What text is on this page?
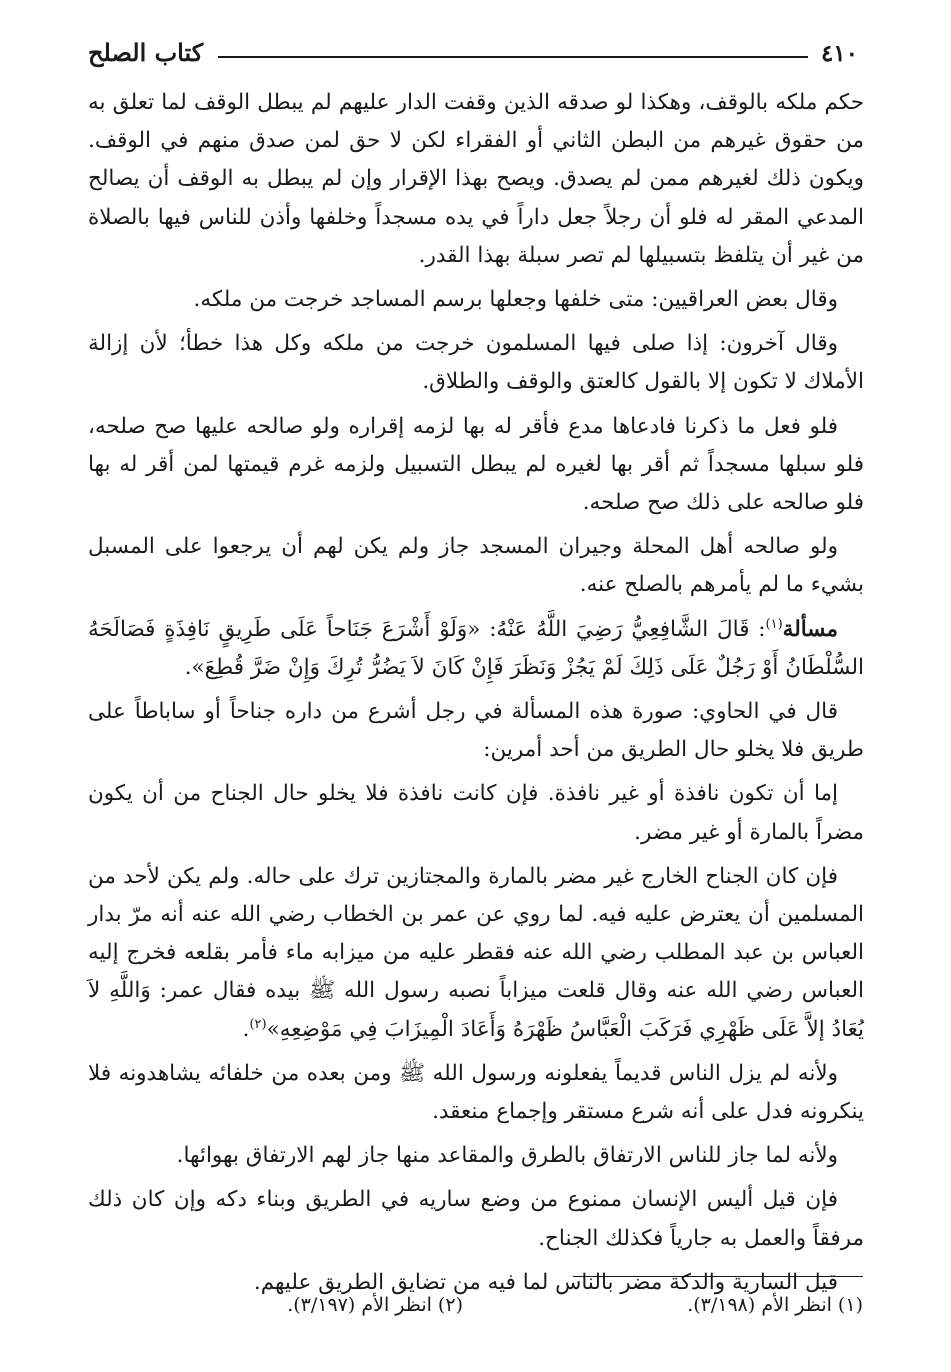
٤١٠
كتاب الصلح

حكم ملكه بالوقف، وهكذا لو صدقه الذين وقفت الدار عليهم لم يبطل الوقف لما تعلق به من حقوق غيرهم من البطن الثاني أو الفقراء لكن لا حق لمن صدق منهم في الوقف. ويكون ذلك لغيرهم ممن لم يصدق. ويصح بهذا الإقرار وإن لم يبطل به الوقف أن يصالح المدعي المقر له فلو أن رجلاً جعل داراً في يده مسجداً وخلفها وأذن للناس فيها بالصلاة من غير أن يتلفظ بتسبيلها لم تصر سبلة بهذا القدر.

وقال بعض العراقيين: متى خلفها وجعلها برسم المساجد خرجت من ملكه.

وقال آخرون: إذا صلى فيها المسلمون خرجت من ملكه وكل هذا خطأ؛ لأن إزالة الأملاك لا تكون إلا بالقول كالعتق والوقف والطلاق.

فلو فعل ما ذكرنا فادعاها مدع فأقر له بها لزمه إقراره ولو صالحه عليها صح صلحه، فلو سبلها مسجداً ثم أقر بها لغيره لم يبطل التسبيل ولزمه غرم قيمتها لمن أقر له بها فلو صالحه على ذلك صح صلحه.

ولو صالحه أهل المحلة وجيران المسجد جاز ولم يكن لهم أن يرجعوا على المسبل بشيء ما لم يأمرهم بالصلح عنه.

مسألة$^{(١)}$: قَالَ الشَّافِعِيُّ رَضِيَ اللَّهُ عَنْهُ: «وَلَوْ أَشْرَعَ جَنَاحاً عَلَى طَرِيقٍ نَافِذَةٍ فَصَالَحَهُ السُّلْطَانُ أَوْ رَجُلٌ عَلَى ذَلِكَ لَمْ يَجُزْ وَنَظَرَ فَإِنْ كَانَ لاَ يَضُرُّ تُرِكَ وَإِنْ ضَرَّ قُطِعَ».

قال في الحاوي: صورة هذه المسألة في رجل أشرع من داره جناحاً أو ساباطاً على طريق فلا يخلو حال الطريق من أحد أمرين:

إما أن تكون نافذة أو غير نافذة. فإن كانت نافذة فلا يخلو حال الجناح من أن يكون مضراً بالمارة أو غير مضر.

فإن كان الجناح الخارج غير مضر بالمارة والمجتازين ترك على حاله. ولم يكن لأحد من المسلمين أن يعترض عليه فيه. لما روي عن عمر بن الخطاب رضي الله عنه أنه مرّ بدار العباس بن عبد المطلب رضي الله عنه فقطر عليه من ميزابه ماء فأمر بقلعه فخرج إليه العباس رضي الله عنه وقال قلعت ميزاباً نصبه رسول الله ﷺ بيده فقال عمر: وَاللَّهِ لاَ يُعَادُ إلاَّ عَلَى ظَهْرِي فَرَكَبَ الْعَبَّاسُ ظَهْرَهُ وَأَعَادَ الْمِيزَابَ فِي مَوْضِعِهِ»$^{(٢)}$.

ولأنه لم يزل الناس قديماً يفعلونه ورسول الله ﷺ ومن بعده من خلفائه يشاهدونه فلا ينكرونه فدل على أنه شرع مستقر وإجماع منعقد.

ولأنه لما جاز للناس الارتفاق بالطرق والمقاعد منها جاز لهم الارتفاق بهوائها.

فإن قيل أليس الإنسان ممنوع من وضع ساريه في الطريق وبناء دكه وإن كان ذلك مرفقاً والعمل به جارياً فكذلك الجناح.

قيل السارية والدكة مضر بالناس لما فيه من تضايق الطريق عليهم.

(١) انظر الأم (٣/١٩٨).
(٢) انظر الأم (٣/١٩٧).
